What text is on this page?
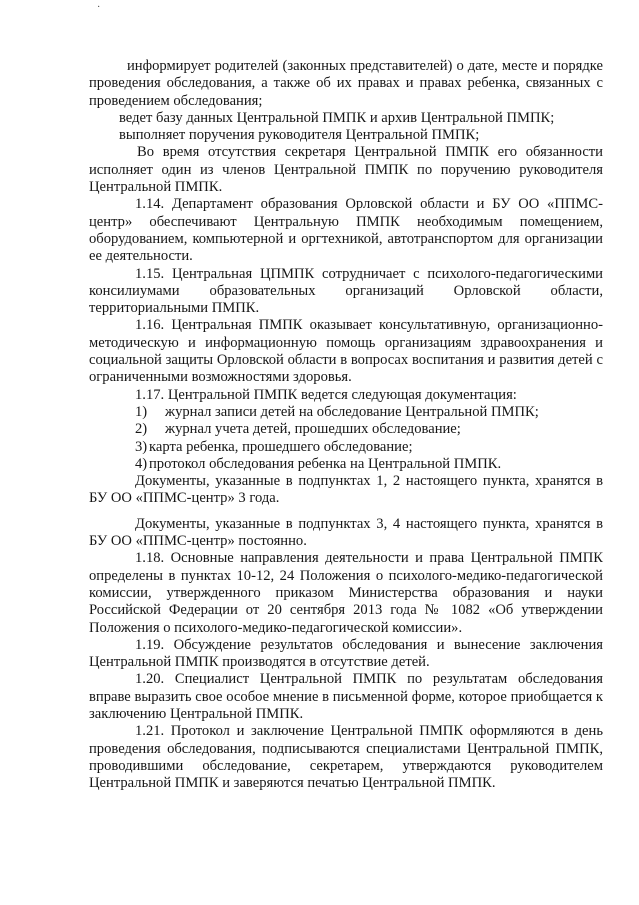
·

информирует родителей (законных представителей) о дате, месте и порядке проведения обследования, а также об их правах и правах ребенка, связанных с проведением обследования;

ведет базу данных Центральной ПМПК и архив Центральной ПМПК;

выполняет поручения руководителя Центральной ПМПК;

Во время отсутствия секретаря Центральной ПМПК его обязанности исполняет один из членов Центральной ПМПК по поручению руководителя Центральной ПМПК.

1.14. Департамент образования Орловской области и БУ ОО «ППМС-центр» обеспечивают Центральную ПМПК необходимым помещением, оборудованием, компьютерной и оргтехникой, автотранспортом для организации ее деятельности.

1.15. Центральная ЦПМПК сотрудничает с психолого-педагогическими консилиумами образовательных организаций Орловской области, территориальными ПМПК.

1.16. Центральная ПМПК оказывает консультативную, организационно-методическую и информационную помощь организациям здравоохранения и социальной защиты Орловской области в вопросах воспитания и развития детей с ограниченными возможностями здоровья.

1.17. Центральной ПМПК ведется следующая документация:

1) журнал записи детей на обследование Центральной ПМПК;

2) журнал учета детей, прошедших обследование;

3) карта ребенка, прошедшего обследование;

4) протокол обследования ребенка на Центральной ПМПК.

Документы, указанные в подпунктах 1, 2 настоящего пункта, хранятся в БУ ОО «ППМС-центр» 3 года.

Документы, указанные в подпунктах 3, 4 настоящего пункта, хранятся в БУ ОО «ППМС-центр» постоянно.

1.18. Основные направления деятельности и права Центральной ПМПК определены в пунктах 10-12, 24 Положения о психолого-медико-педагогической комиссии, утвержденного приказом Министерства образования и науки Российской Федерации от 20 сентября 2013 года № 1082 «Об утверждении Положения о психолого-медико-педагогической комиссии».

1.19. Обсуждение результатов обследования и вынесение заключения Центральной ПМПК производятся в отсутствие детей.

1.20. Специалист Центральной ПМПК по результатам обследования вправе выразить свое особое мнение в письменной форме, которое приобщается к заключению Центральной ПМПК.

1.21. Протокол и заключение Центральной ПМПК оформляются в день проведения обследования, подписываются специалистами Центральной ПМПК, проводившими обследование, секретарем, утверждаются руководителем Центральной ПМПК и заверяются печатью Центральной ПМПК.
